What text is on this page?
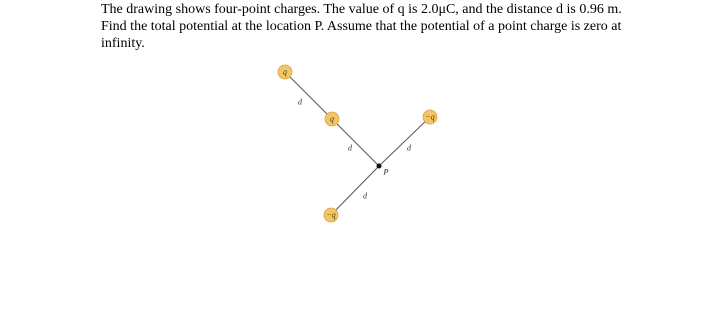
The drawing shows four-point charges. The value of q is 2.0μC, and the distance d is 0.96 m.

Find the total potential at the location P. Assume that the potential of a point charge is zero at

infinity.

q
q	−q
−q
d
d	d
d
P
